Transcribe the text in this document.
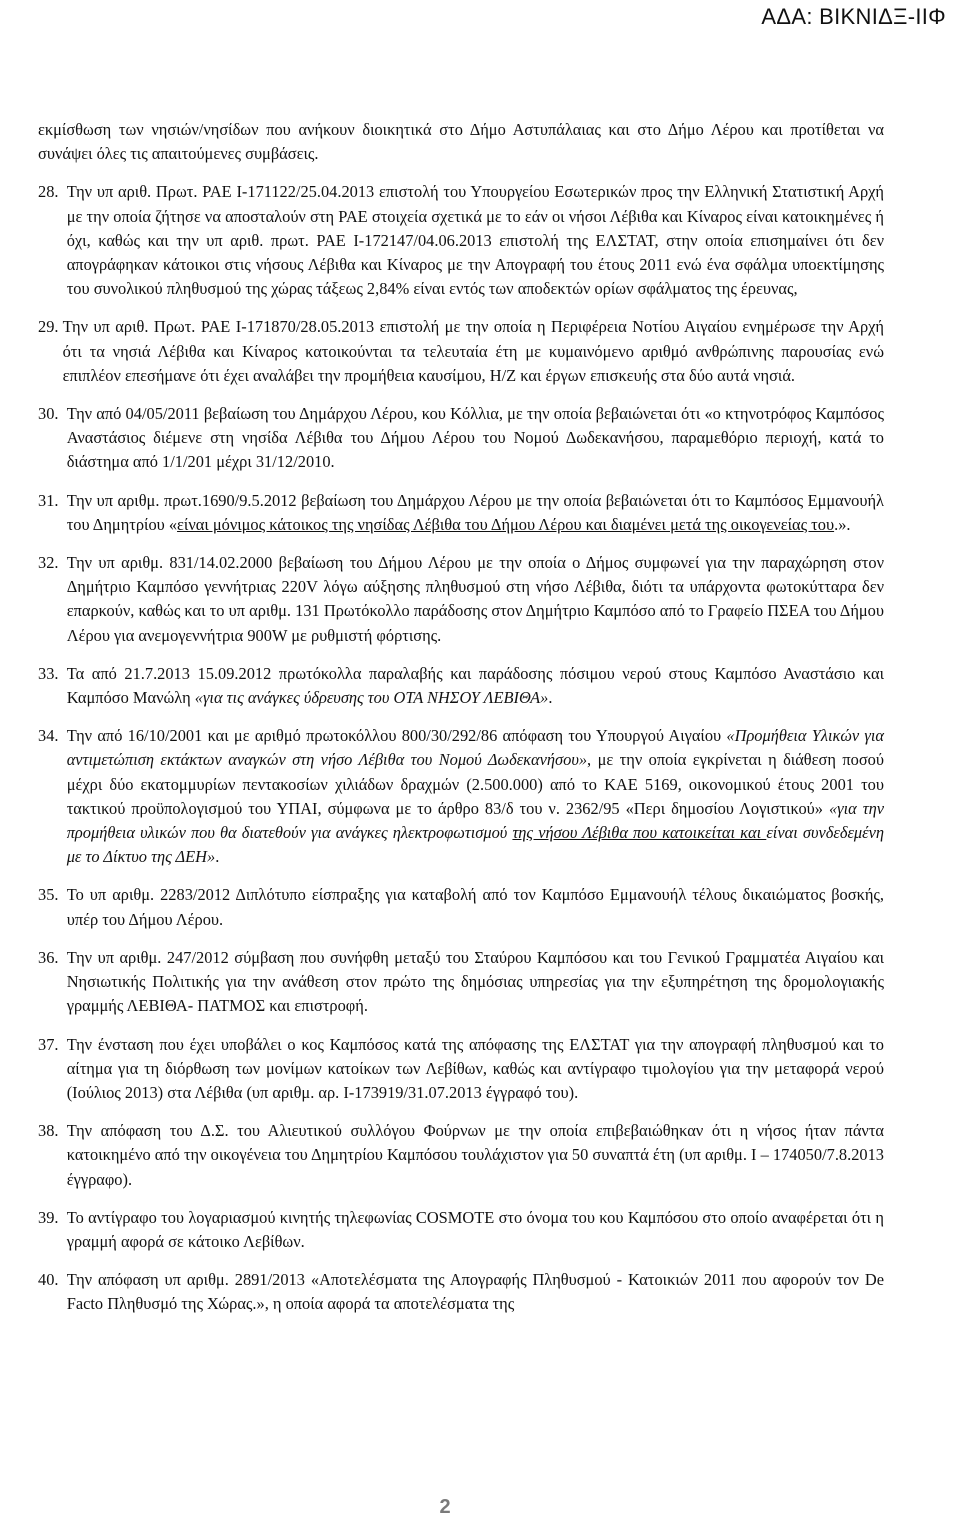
ΑΔΑ: ΒΙΚΝΙΔΞ-ΙΙΦ

εκμίσθωση των νησιών/νησίδων που ανήκουν διοικητικά στο Δήμο Αστυπάλαιας και στο Δήμο Λέρου και προτίθεται να συνάψει όλες τις απαιτούμενες συμβάσεις.

28.
Την υπ αριθ. Πρωτ. ΡΑΕ Ι-171122/25.04.2013 επιστολή του Υπουργείου Εσωτερικών προς την Ελληνική Στατιστική Αρχή με την οποία ζήτησε να αποσταλούν στη ΡΑΕ στοιχεία σχετικά με το εάν οι νήσοι Λέβιθα και Κίναρος είναι κατοικημένες ή όχι, καθώς και την υπ αριθ. πρωτ. ΡΑΕ Ι-172147/04.06.2013 επιστολή της ΕΛΣΤΑΤ, στην οποία επισημαίνει ότι δεν απογράφηκαν κάτοικοι στις νήσους Λέβιθα και Κίναρος με την Απογραφή του έτους 2011 ενώ ένα σφάλμα υποεκτίμησης του συνολικού πληθυσμού της χώρας τάξεως 2,84% είναι εντός των αποδεκτών ορίων σφάλματος της έρευνας,
29.
Την υπ αριθ. Πρωτ. ΡΑΕ Ι-171870/28.05.2013 επιστολή με την οποία η Περιφέρεια Νοτίου Αιγαίου ενημέρωσε την Αρχή ότι τα νησιά Λέβιθα και Κίναρος κατοικούνται τα τελευταία έτη με κυμαινόμενο αριθμό ανθρώπινης παρουσίας ενώ επιπλέον επεσήμανε ότι έχει αναλάβει την προμήθεια καυσίμου, Η/Ζ και έργων επισκευής στα δύο αυτά νησιά.
30.
Την από 04/05/2011 βεβαίωση του Δημάρχου Λέρου, κου Κόλλια, με την οποία βεβαιώνεται ότι «ο κτηνοτρόφος Καμπόσος Αναστάσιος διέμενε στη νησίδα Λέβιθα του Δήμου Λέρου του Νομού Δωδεκανήσου, παραμεθόριο περιοχή, κατά το διάστημα από 1/1/201 μέχρι 31/12/2010.
31.
Την υπ αριθμ. πρωτ.1690/9.5.2012 βεβαίωση του Δημάρχου Λέρου με την οποία βεβαιώνεται ότι το Καμπόσος Εμμανουήλ του Δημητρίου «είναι μόνιμος κάτοικος της νησίδας Λέβιθα του Δήμου Λέρου και διαμένει μετά της οικογενείας του.».
32.
Την υπ αριθμ. 831/14.02.2000 βεβαίωση του Δήμου Λέρου με την οποία ο Δήμος συμφωνεί για την παραχώρηση στον Δημήτριο Καμπόσο γεννήτριας 220V λόγω αύξησης πληθυσμού στη νήσο Λέβιθα, διότι τα υπάρχοντα φωτοκύτταρα δεν επαρκούν, καθώς και το υπ αριθμ. 131 Πρωτόκολλο παράδοσης στον Δημήτριο Καμπόσο από το Γραφείο ΠΣΕΑ του Δήμου Λέρου για ανεμογεννήτρια 900W με ρυθμιστή φόρτισης.
33.
Τα από 21.7.2013 15.09.2012 πρωτόκολλα παραλαβής και παράδοσης πόσιμου νερού στους Καμπόσο Αναστάσιο και Καμπόσο Μανώλη «για τις ανάγκες ύδρευσης του ΟΤΑ ΝΗΣΟΥ ΛΕΒΙΘΑ».
34.
Την από 16/10/2001 και με αριθμό πρωτοκόλλου 800/30/292/86 απόφαση του Υπουργού Αιγαίου «Προμήθεια Υλικών για αντιμετώπιση εκτάκτων αναγκών στη νήσο Λέβιθα του Νομού Δωδεκανήσου», με την οποία εγκρίνεται η διάθεση ποσού μέχρι δύο εκατομμυρίων πεντακοσίων χιλιάδων δραχμών (2.500.000) από το ΚΑΕ 5169, οικονομικού έτους 2001 του τακτικού προϋπολογισμού του ΥΠΑΙ, σύμφωνα με το άρθρο 83/δ του ν. 2362/95 «Περι δημοσίου Λογιστικού» «για την προμήθεια υλικών που θα διατεθούν για ανάγκες ηλεκτροφωτισμού της νήσου Λέβιθα που κατοικείται και είναι συνδεδεμένη με το Δίκτυο της ΔΕΗ».
35.
Το υπ αριθμ. 2283/2012 Διπλότυπο είσπραξης για καταβολή από τον Καμπόσο Εμμανουήλ τέλους δικαιώματος βοσκής, υπέρ του Δήμου Λέρου.
36.
Την υπ αριθμ. 247/2012 σύμβαση που συνήφθη μεταξύ του Σταύρου Καμπόσου και του Γενικού Γραμματέα Αιγαίου και Νησιωτικής Πολιτικής για την ανάθεση στον πρώτο της δημόσιας υπηρεσίας για την εξυπηρέτηση της δρομολογιακής γραμμής ΛΕΒΙΘΑ- ΠΑΤΜΟΣ και επιστροφή.
37.
Την ένσταση που έχει υποβάλει ο κος Καμπόσος κατά της απόφασης της ΕΛΣΤΑΤ για την απογραφή πληθυσμού και το αίτημα για τη διόρθωση των μονίμων κατοίκων των Λεβίθων, καθώς και αντίγραφο τιμολογίου για την μεταφορά νερού (Ιούλιος 2013) στα Λέβιθα (υπ αριθμ. αρ. Ι-173919/31.07.2013 έγγραφό του).
38.
Την απόφαση του Δ.Σ. του Αλιευτικού συλλόγου Φούρνων με την οποία επιβεβαιώθηκαν ότι η νήσος ήταν πάντα κατοικημένο από την οικογένεια του Δημητρίου Καμπόσου τουλάχιστον για 50 συναπτά έτη (υπ αριθμ. Ι – 174050/7.8.2013 έγγραφο).
39.
Το αντίγραφο του λογαριασμού κινητής τηλεφωνίας COSMOTE στο όνομα του κου Καμπόσου στο οποίο αναφέρεται ότι η γραμμή αφορά σε κάτοικο Λεβίθων.
40.
Την απόφαση υπ αριθμ. 2891/2013 «Αποτελέσματα της Απογραφής Πληθυσμού - Κατοικιών 2011 που αφορούν τον De Facto Πληθυσμό της Χώρας.», η οποία αφορά τα αποτελέσματα της
2
